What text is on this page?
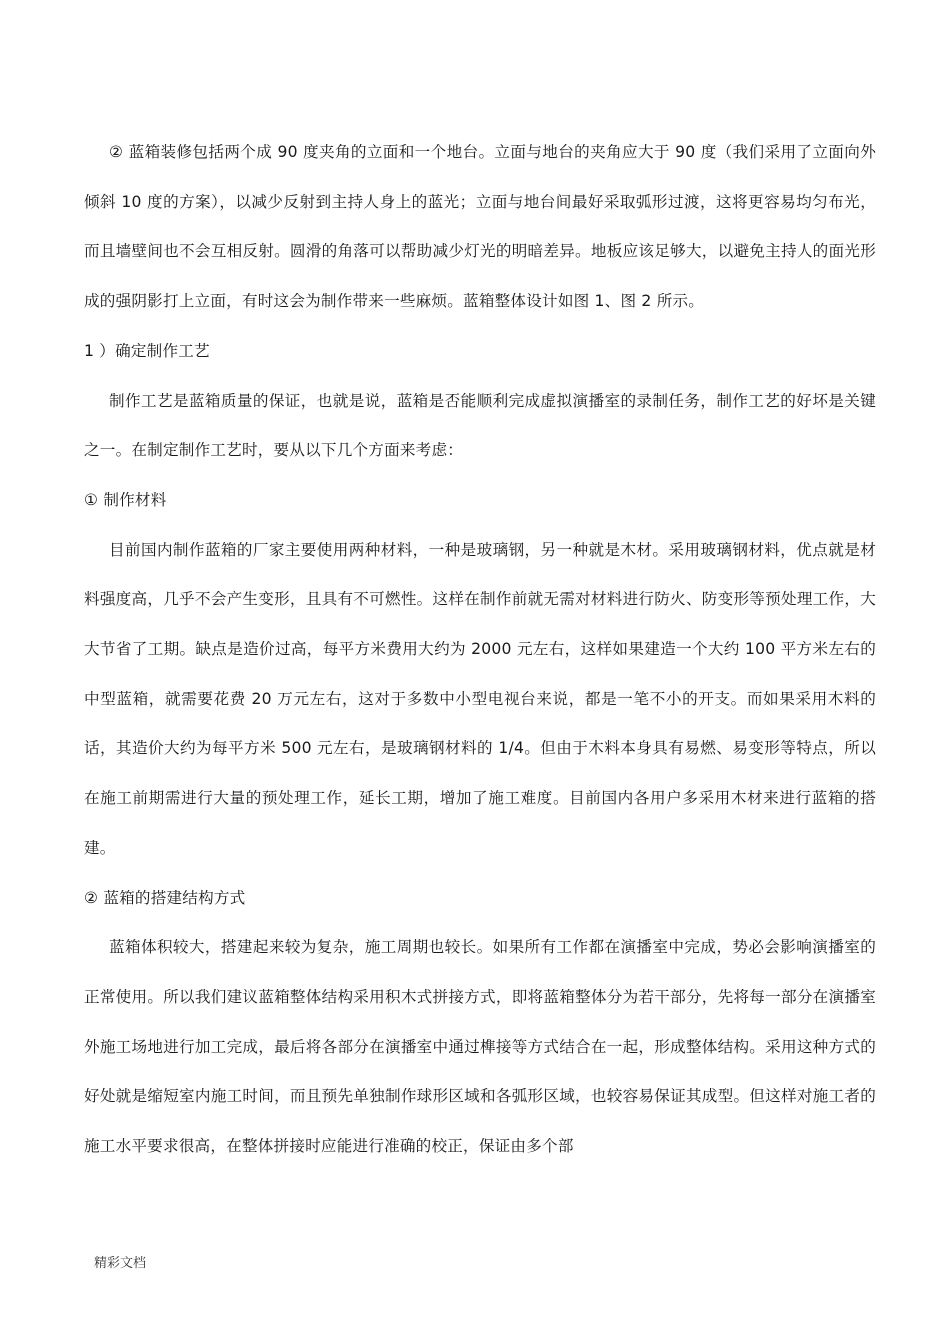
② 蓝箱装修包括两个成 90 度夹角的立面和一个地台。立面与地台的夹角应大于 90 度（我们采用了立面向外倾斜 10 度的方案），以减少反射到主持人身上的蓝光；立面与地台间最好采取弧形过渡，这将更容易均匀布光，而且墙壁间也不会互相反射。圆滑的角落可以帮助减少灯光的明暗差异。地板应该足够大，以避免主持人的面光形成的强阴影打上立面，有时这会为制作带来一些麻烦。蓝箱整体设计如图 1、图 2 所示。

1 ）确定制作工艺

制作工艺是蓝箱质量的保证，也就是说，蓝箱是否能顺利完成虚拟演播室的录制任务，制作工艺的好坏是关键之一。在制定制作工艺时，要从以下几个方面来考虑：

① 制作材料

目前国内制作蓝箱的厂家主要使用两种材料，一种是玻璃钢，另一种就是木材。采用玻璃钢材料，优点就是材料强度高，几乎不会产生变形，且具有不可燃性。这样在制作前就无需对材料进行防火、防变形等预处理工作，大大节省了工期。缺点是造价过高，每平方米费用大约为 2000 元左右，这样如果建造一个大约 100 平方米左右的中型蓝箱，就需要花费 20 万元左右，这对于多数中小型电视台来说，都是一笔不小的开支。而如果采用木料的话，其造价大约为每平方米 500 元左右，是玻璃钢材料的 1/4。但由于木料本身具有易燃、易变形等特点，所以在施工前期需进行大量的预处理工作，延长工期，增加了施工难度。目前国内各用户多采用木材来进行蓝箱的搭建。

② 蓝箱的搭建结构方式

蓝箱体积较大，搭建起来较为复杂，施工周期也较长。如果所有工作都在演播室中完成，势必会影响演播室的正常使用。所以我们建议蓝箱整体结构采用积木式拼接方式，即将蓝箱整体分为若干部分，先将每一部分在演播室外施工场地进行加工完成，最后将各部分在演播室中通过榫接等方式结合在一起，形成整体结构。采用这种方式的好处就是缩短室内施工时间，而且预先单独制作球形区域和各弧形区域，也较容易保证其成型。但这样对施工者的施工水平要求很高，在整体拼接时应能进行准确的校正，保证由多个部

精彩文档
